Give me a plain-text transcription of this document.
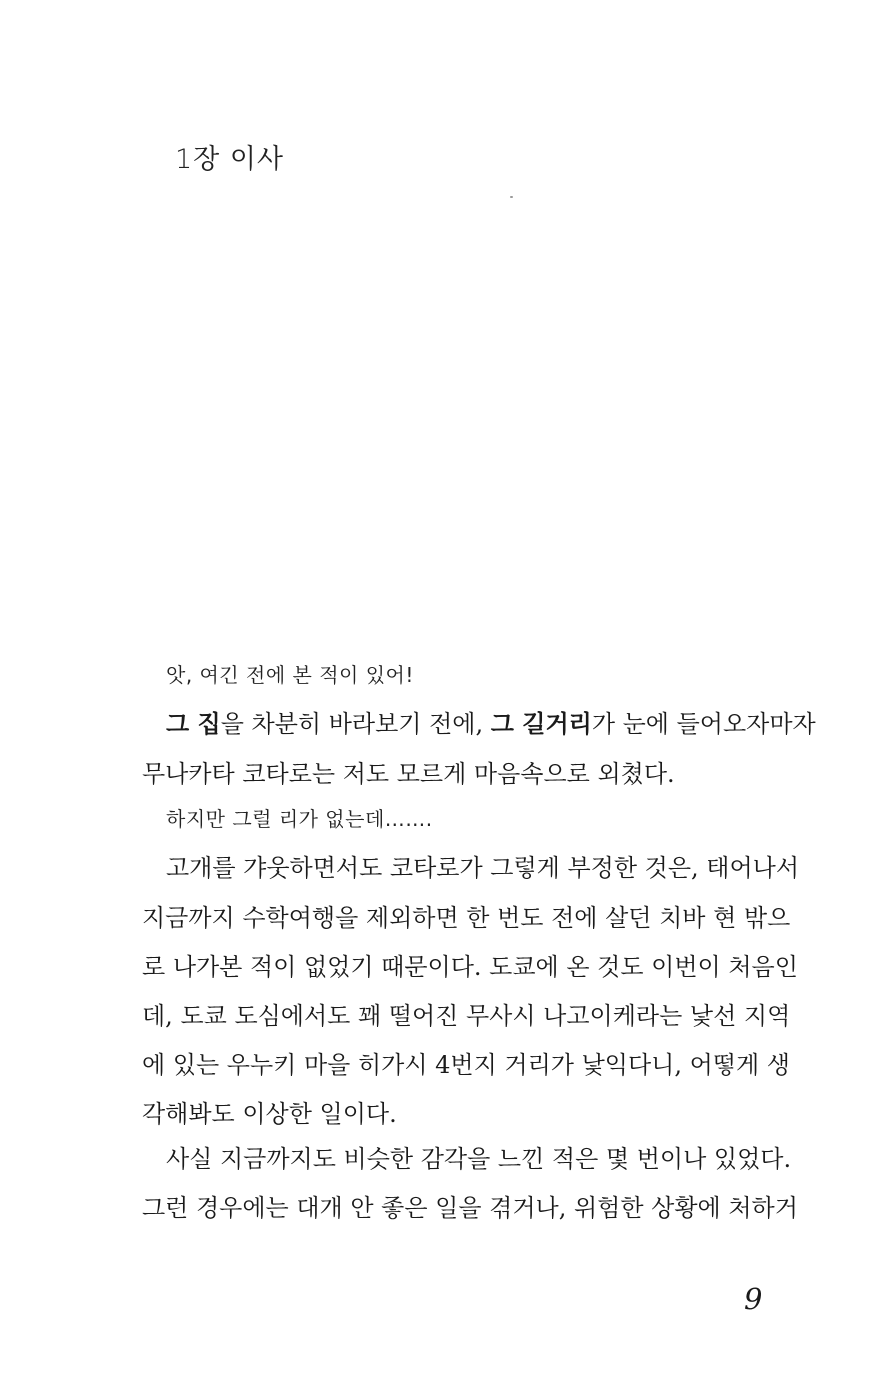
1장 이사
앗, 여긴 전에 본 적이 있어!
그 집을 차분히 바라보기 전에, 그 길거리가 눈에 들어오자마자
무나카타 코타로는 저도 모르게 마음속으로 외쳤다.
하지만 그럴 리가 없는데…….
고개를 갸웃하면서도 코타로가 그렇게 부정한 것은, 태어나서
지금까지 수학여행을 제외하면 한 번도 전에 살던 치바 현 밖으
로 나가본 적이 없었기 때문이다. 도쿄에 온 것도 이번이 처음인
데, 도쿄 도심에서도 꽤 떨어진 무사시 나고이케라는 낯선 지역
에 있는 우누키 마을 히가시 4번지 거리가 낯익다니, 어떻게 생
각해봐도 이상한 일이다.
사실 지금까지도 비슷한 감각을 느낀 적은 몇 번이나 있었다.
그런 경우에는 대개 안 좋은 일을 겪거나, 위험한 상황에 처하거
9
